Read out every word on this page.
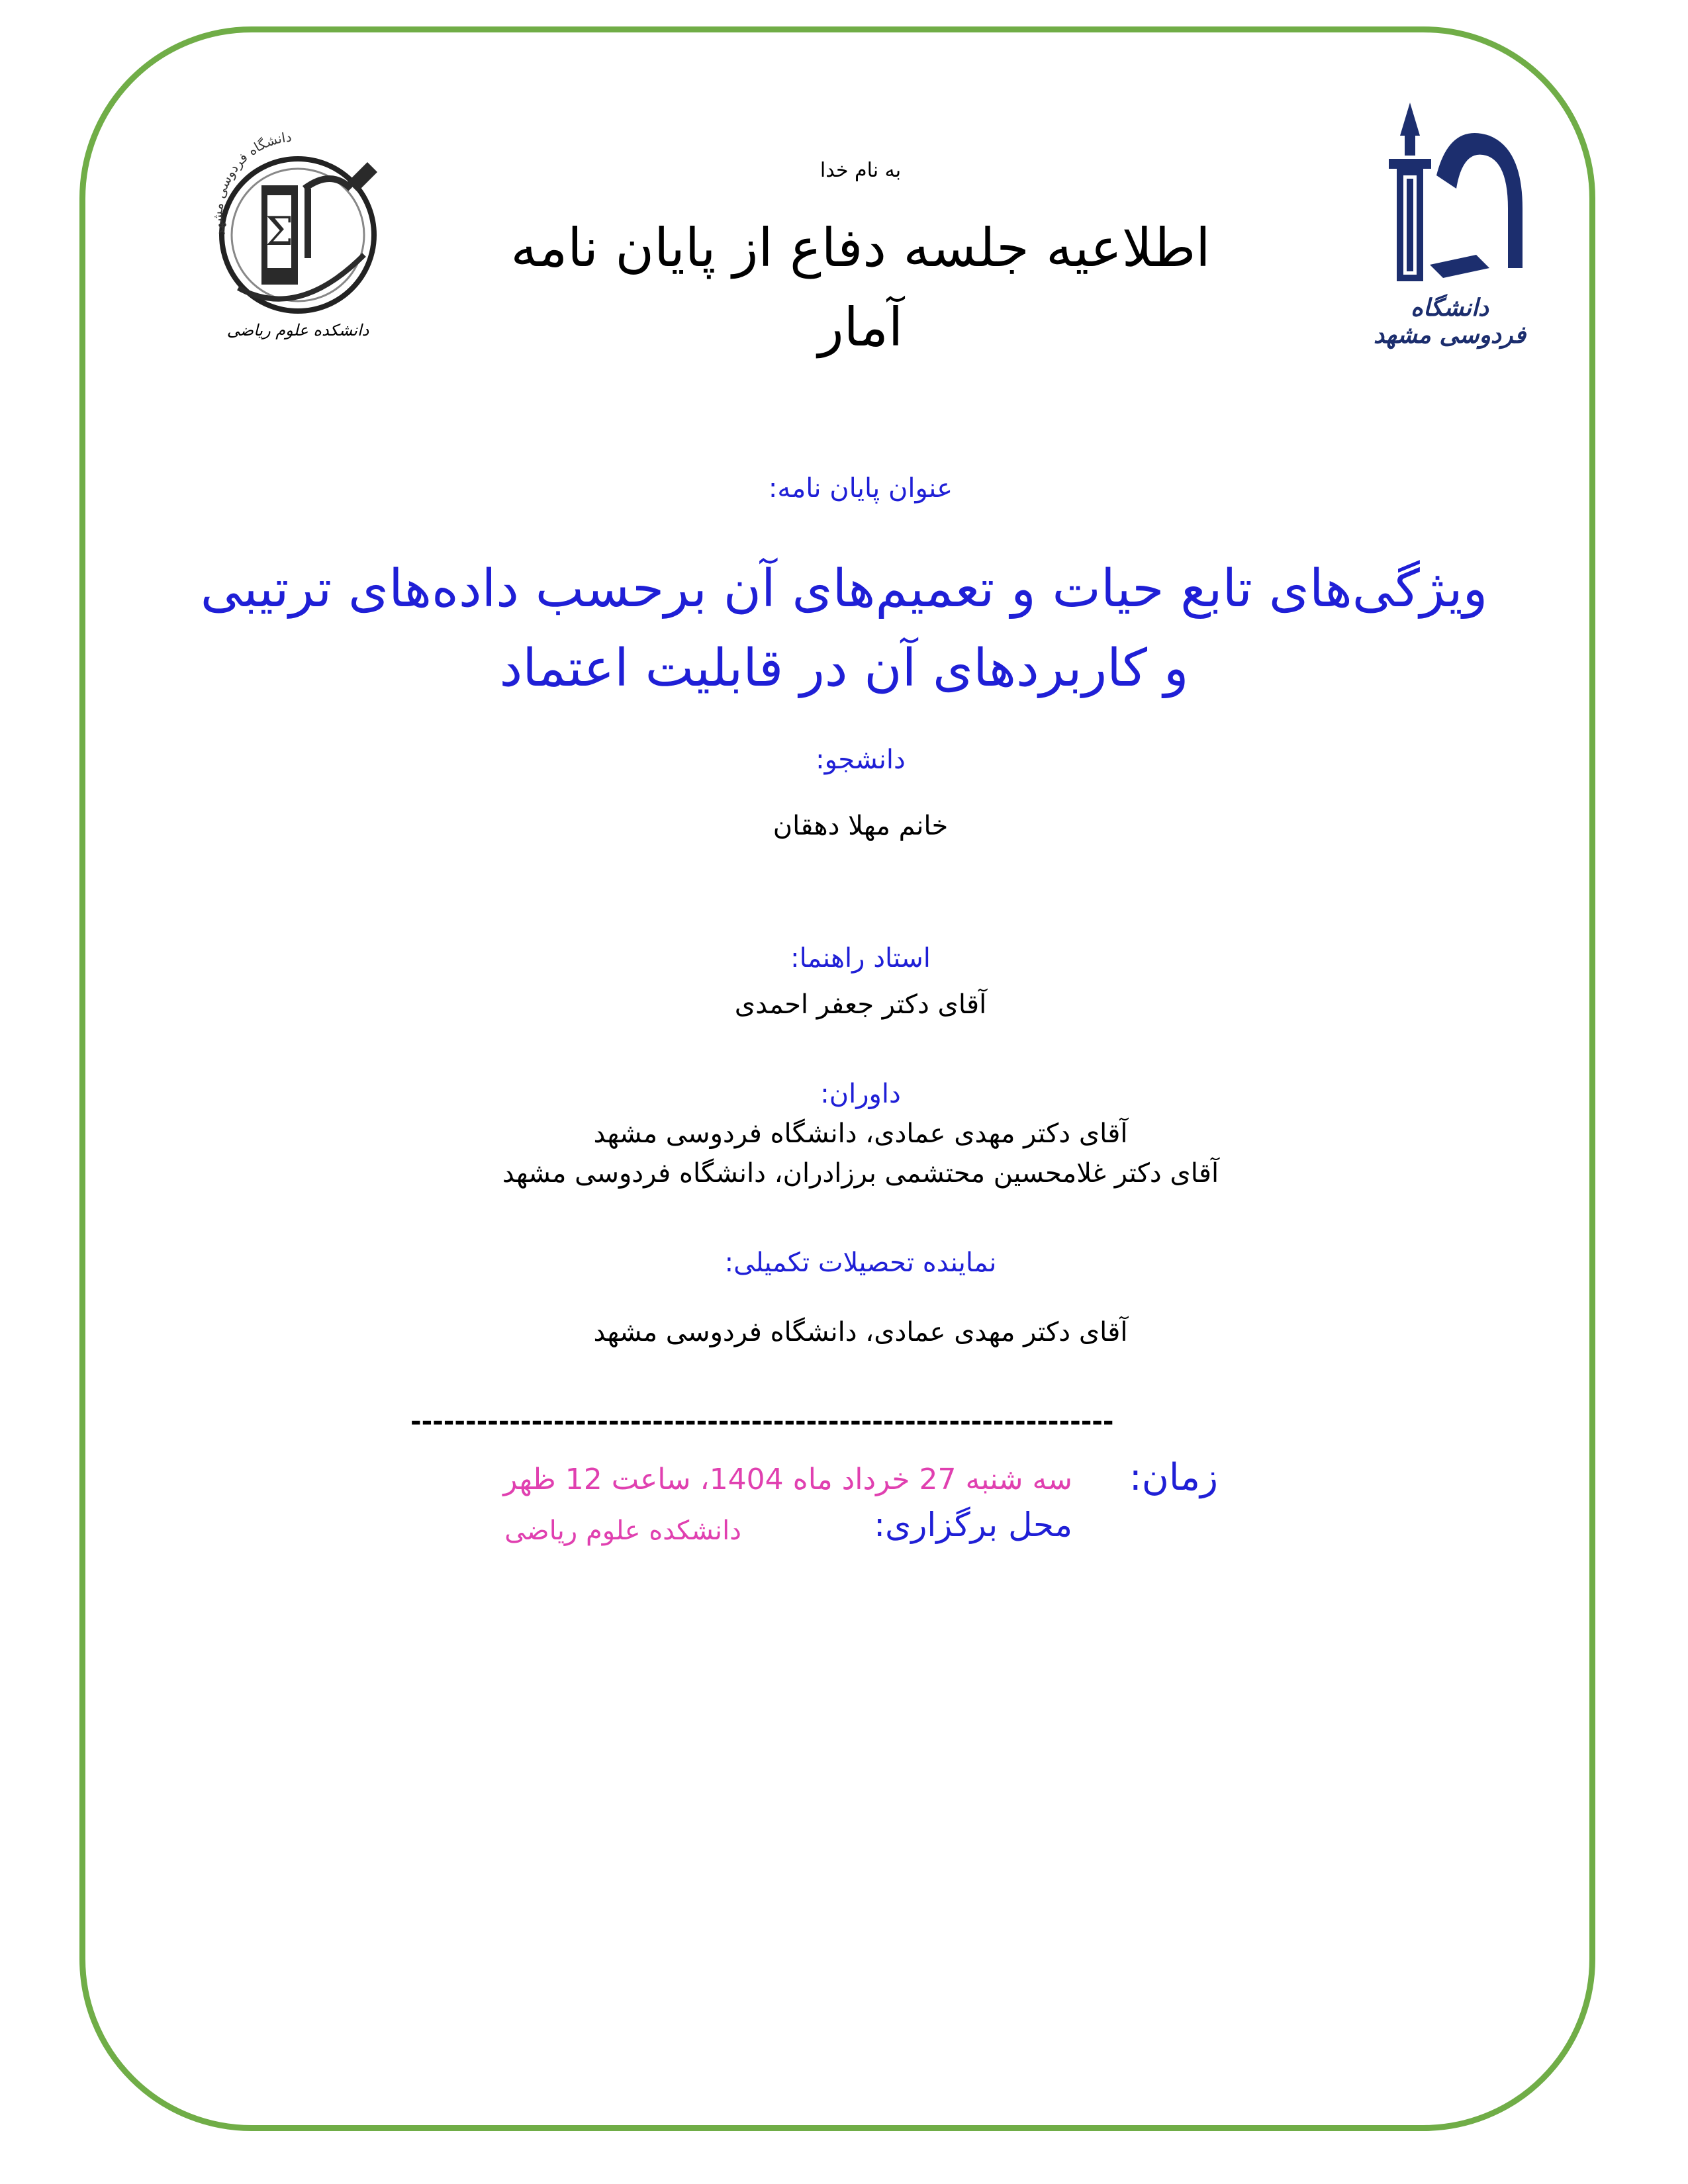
دانشگاه فردوسی مشهد
Σ
دانشکده علوم ریاضی
دانشگاه فردوسی مشهد
به نام خدا
اطلاعیه جلسه دفاع از پایان نامه
آمار
عنوان پایان نامه:
ویژگی‌های تابع حیات و تعمیم‌های آن برحسب داده‌های ترتیبی
و کاربردهای آن در قابلیت اعتماد
دانشجو:
خانم مهلا دهقان
استاد راهنما:
آقای دکتر جعفر احمدی
داوران:
آقای دکتر مهدی عمادی، دانشگاه فردوسی مشهد
آقای دکتر غلامحسین محتشمی برزادران، دانشگاه فردوسی مشهد
نماینده تحصیلات تکمیلی:
آقای دکتر مهدی عمادی، دانشگاه فردوسی مشهد
----------------------------------------------------------------
زمان:
سه شنبه 27 خرداد ماه 1404، ساعت 12 ظهر
محل برگزاری:
دانشکده علوم ریاضی
